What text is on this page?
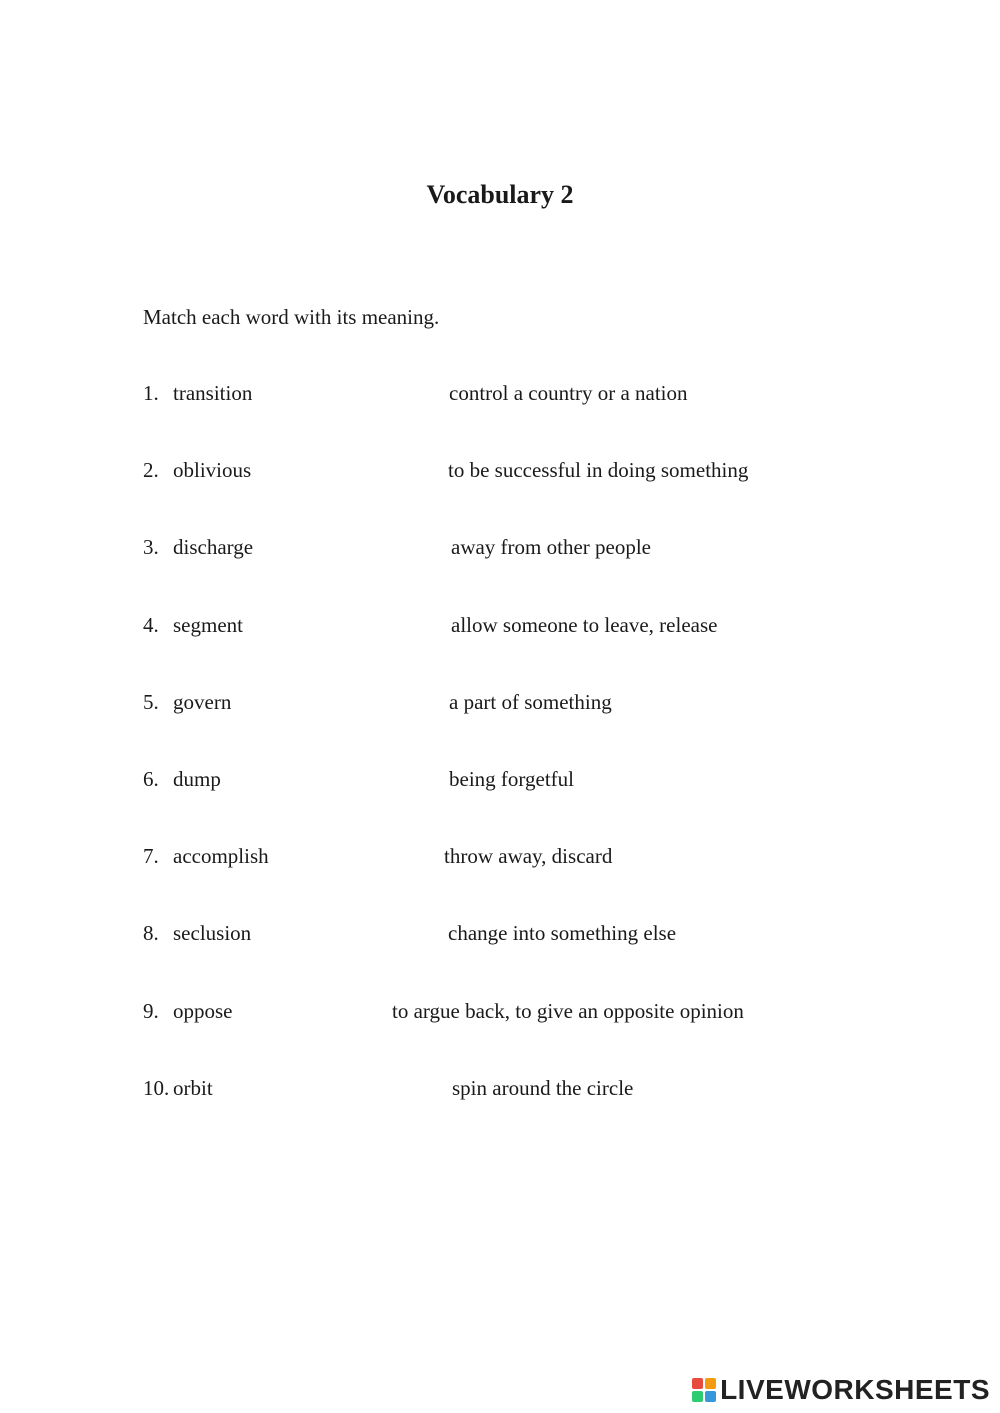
Vocabulary 2
Match each word with its meaning.
1. transition	control a country or a nation
2. oblivious	to be successful in doing something
3. discharge	away from other people
4. segment	allow someone to leave, release
5. govern	a part of something
6. dump	being forgetful
7. accomplish	throw away, discard
8. seclusion	change into something else
9. oppose	to argue back, to give an opposite opinion
10. orbit	spin around the circle
LIVEWORKSHEETS
